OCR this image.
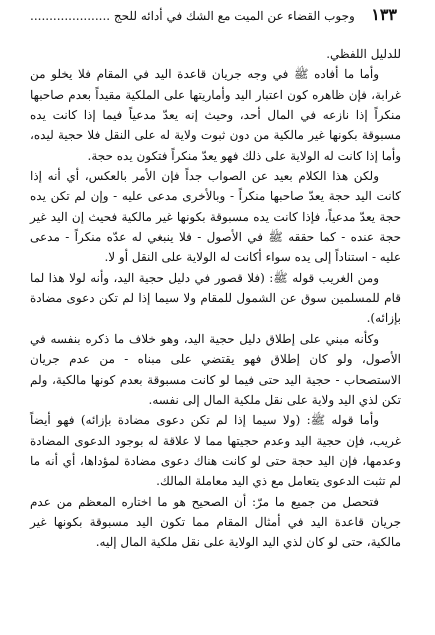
١٣٣
وجوب القضاء عن الميت مع الشك في أدائه للحج .....................

للدليل اللفظي.

وأما ما أفاده ﷺ في وجه جريان قاعدة اليد في المقام فلا يخلو من غرابة، فإن ظاهره كون اعتبار اليد وأماريتها على الملكية مقيداً بعدم صاحبها منكراً إذا نازعه في المال أحد، وحيث إنه يعدّ مدعياً فيما إذا كانت يده مسبوقة بكونها غير مالكية من دون ثبوت ولاية له على النقل فلا حجية ليده، وأما إذا كانت له الولاية على ذلك فهو يعدّ منكراً فتكون يده حجة.

ولكن هذا الكلام بعيد عن الصواب جداً فإن الأمر بالعكس، أي أنه إذا كانت اليد حجة يعدّ صاحبها منكراً - وبالأخرى مدعى عليه - وإن لم تكن يده حجة يعدّ مدعياً، فإذا كانت يده مسبوقة بكونها غير مالكية فحيث إن اليد غير حجة عنده - كما حققه ﷺ في الأصول - فلا ينبغي له عدّه منكراً - مدعى عليه - استناداً إلى يده سواء أكانت له الولاية على النقل أو لا.

ومن الغريب قوله ﷺ: (فلا قصور في دليل حجية اليد، وأنه لولا هذا لما قام للمسلمين سوق عن الشمول للمقام ولا سيما إذا لم تكن دعوى مضادة بإزائه).

وكأنه مبني على إطلاق دليل حجية اليد، وهو خلاف ما ذكره بنفسه في الأصول، ولو كان إطلاق فهو يقتضي على مبناه - من عدم جريان الاستصحاب - حجية اليد حتى فيما لو كانت مسبوقة بعدم كونها مالكية، ولم تكن لذي اليد ولاية على نقل ملكية المال إلى نفسه.

وأما قوله ﷺ: (ولا سيما إذا لم تكن دعوى مضادة بإزائه) فهو أيضاً غريب، فإن حجية اليد وعدم حجيتها مما لا علاقة له بوجود الدعوى المضادة وعدمها، فإن اليد حجة حتى لو كانت هناك دعوى مضادة لمؤداها، أي أنه ما لم تثبت الدعوى يتعامل مع ذي اليد معاملة المالك.

فتحصل من جميع ما مرّ: أن الصحيح هو ما اختاره المعظم من عدم جريان قاعدة اليد في أمثال المقام مما تكون اليد مسبوقة بكونها غير مالكية، حتى لو كان لذي اليد الولاية على نقل ملكية المال إليه.
